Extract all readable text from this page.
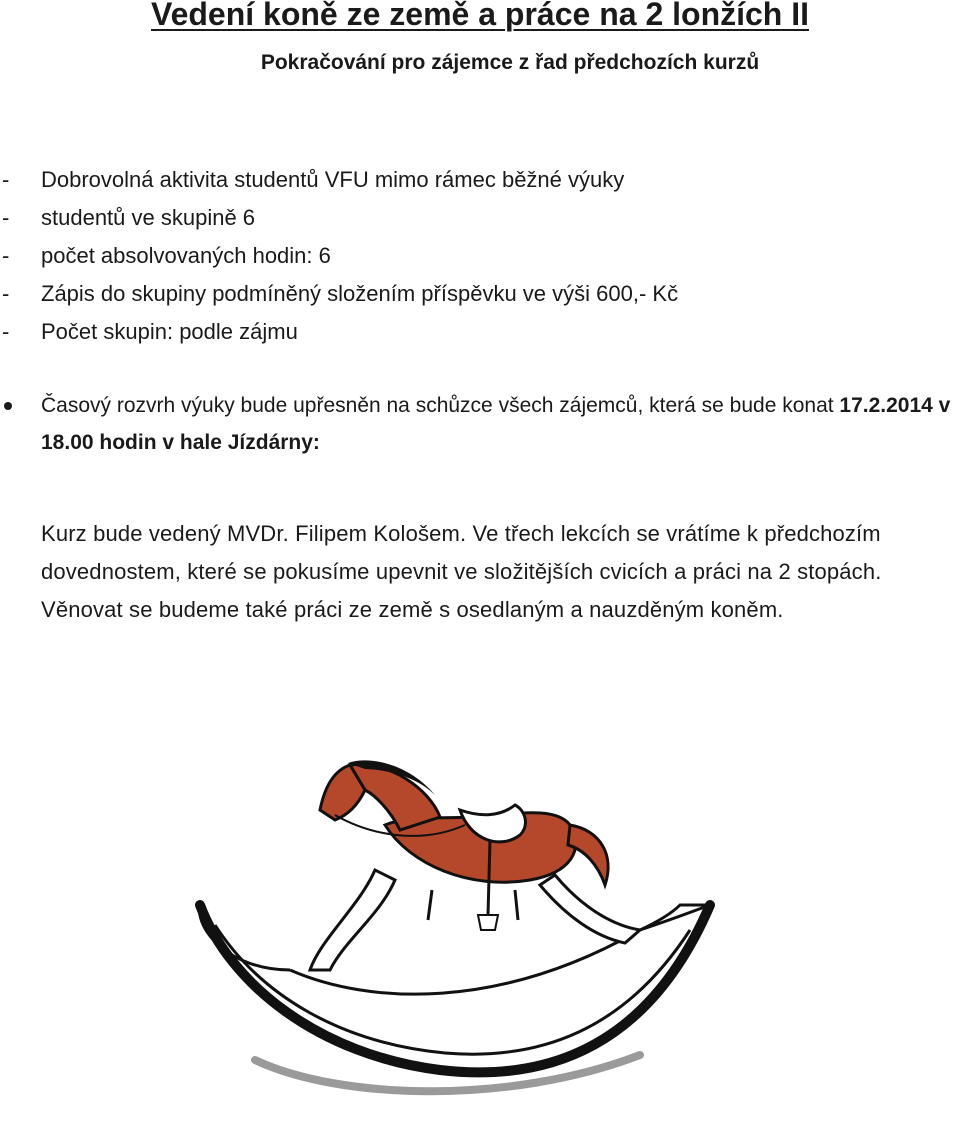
Vedení koně ze země a práce na 2 lonžích II
Pokračování pro zájemce z řad předchozích kurzů
- Dobrovolná aktivita studentů VFU mimo rámec běžné výuky
- studentů ve skupině 6
- počet absolvovaných hodin: 6
- Zápis do skupiny podmíněný složením příspěvku ve výši 600,- Kč
- Počet skupin: podle zájmu
Časový rozvrh výuky bude upřesněn na schůzce všech zájemců, která se bude konat 17.2.2014 v 18.00 hodin v hale Jízdárny:

Kurz bude vedený MVDr. Filipem Kološem. Ve třech lekcích se vrátíme k předchozím dovednostem, které se pokusíme upevnit ve složitějších cvicích a práci na 2 stopách. Věnovat se budeme také práci ze země s osedlaným a nauzděným koněm.
